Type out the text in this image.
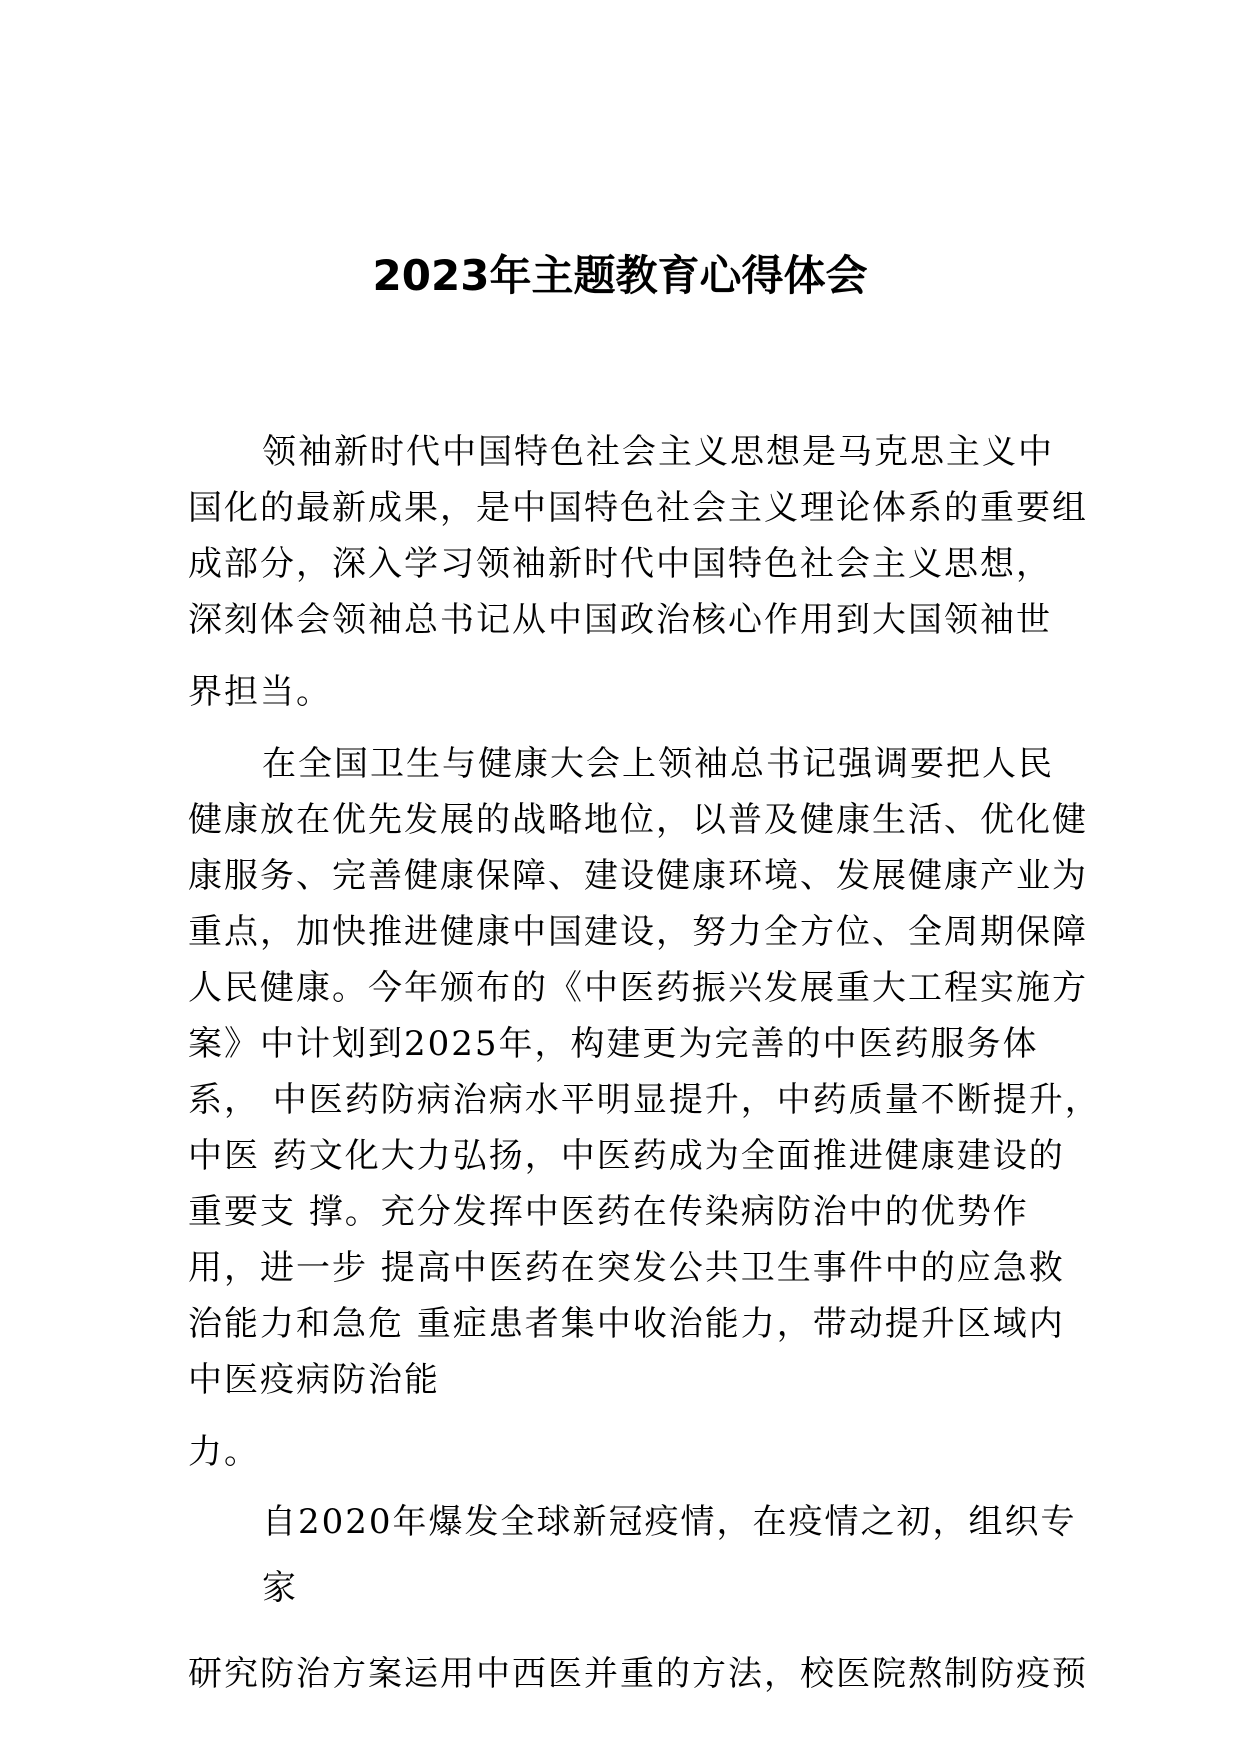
2023年主题教育心得体会
领袖新时代中国特色社会主义思想是马克思主义中
国化的最新成果，是中国特色社会主义理论体系的重要组
成部分，深入学习领袖新时代中国特色社会主义思想，
深刻体会领袖总书记从中国政治核心作用到大国领袖世
界担当。
在全国卫生与健康大会上领袖总书记强调要把人民
健康放在优先发展的战略地位，以普及健康生活、优化健
康服务、完善健康保障、建设健康环境、发展健康产业为
重点，加快推进健康中国建设，努力全方位、全周期保障
人民健康。今年颁布的《中医药振兴发展重大工程实施方
案》中计划到2025年，构建更为完善的中医药服务体
系， 中医药防病治病水平明显提升，中药质量不断提升，
中医 药文化大力弘扬，中医药成为全面推进健康建设的
重要支 撑。充分发挥中医药在传染病防治中的优势作
用，进一步 提高中医药在突发公共卫生事件中的应急救
治能力和急危 重症患者集中收治能力，带动提升区域内
中医疫病防治能
力。
自2020年爆发全球新冠疫情，在疫情之初，组织专
家
研究防治方案运用中西医并重的方法，校医院熬制防疫预
